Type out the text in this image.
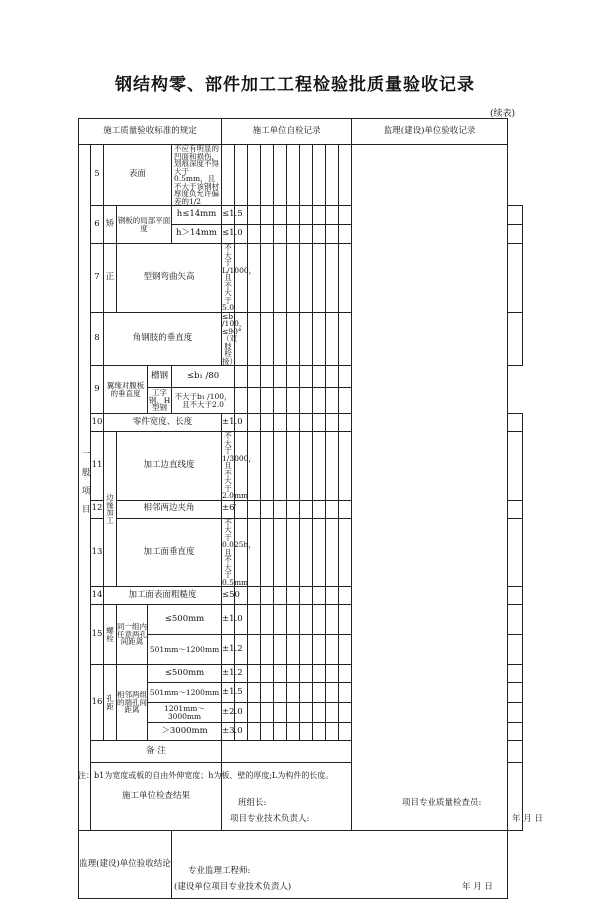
钢结构零、部件加工工程检验批质量验收记录
(续表)
施工质量验收标准的规定						施工单位自检记录										监理(建设)单位验收记录	
一般项目	5	表面			不应有明显的凹面和损伤，划痕深度不得大于0.5mm，且不大于该钢材厚度负允许偏差的1/2												
	6	矫	钢板的局部平面度		h≤14mm	≤1.5											
					h＞14mm	≤1.0											
	7	正	型钢弯曲矢高			不大于L/1000，且不大于5.0											
	8	角钢肢的垂直度				≤b₁ /100，≤90°（双肢栓接）											
	9	翼缘对腹板的垂直度		槽钢	≤b₁ /80												
				工字钢、H型钢	不大于b₁ /100，且不大于2.0												
	10	零件宽度、长度				±1.0											
	11	边缘加工	加工边直线度			不大于1/3000，且不大于2.0mm											
	12		相邻两边夹角			±6′											
	13		加工面垂直度			不大于0.025h，且不大于0.5mm											
	14	加工面表面粗糙度				≤50											
	15	螺栓	同一组内任意两孔间距离	≤500mm		±1.0											
				501mm～1200mm		±1.2											
	16	孔距	相邻两组的端孔间距离	≤500mm		±1.2											
				501mm～1200mm		±1.5											
				1201mm～3000mm		±2.0											
				＞3000mm		±3.0											
	备 注																
	施工单位检查结果					班组长: 项目专业质量检查员:
项目专业技术负责人: 年 月 日											

监理(建设)单位验收结论					专业监理工程师:
(建设单位项目专业技术负责人) 年 月 日												
注：b1为宽度或板的自由外伸宽度；h为板、壁的厚度;L为构件的长度。
